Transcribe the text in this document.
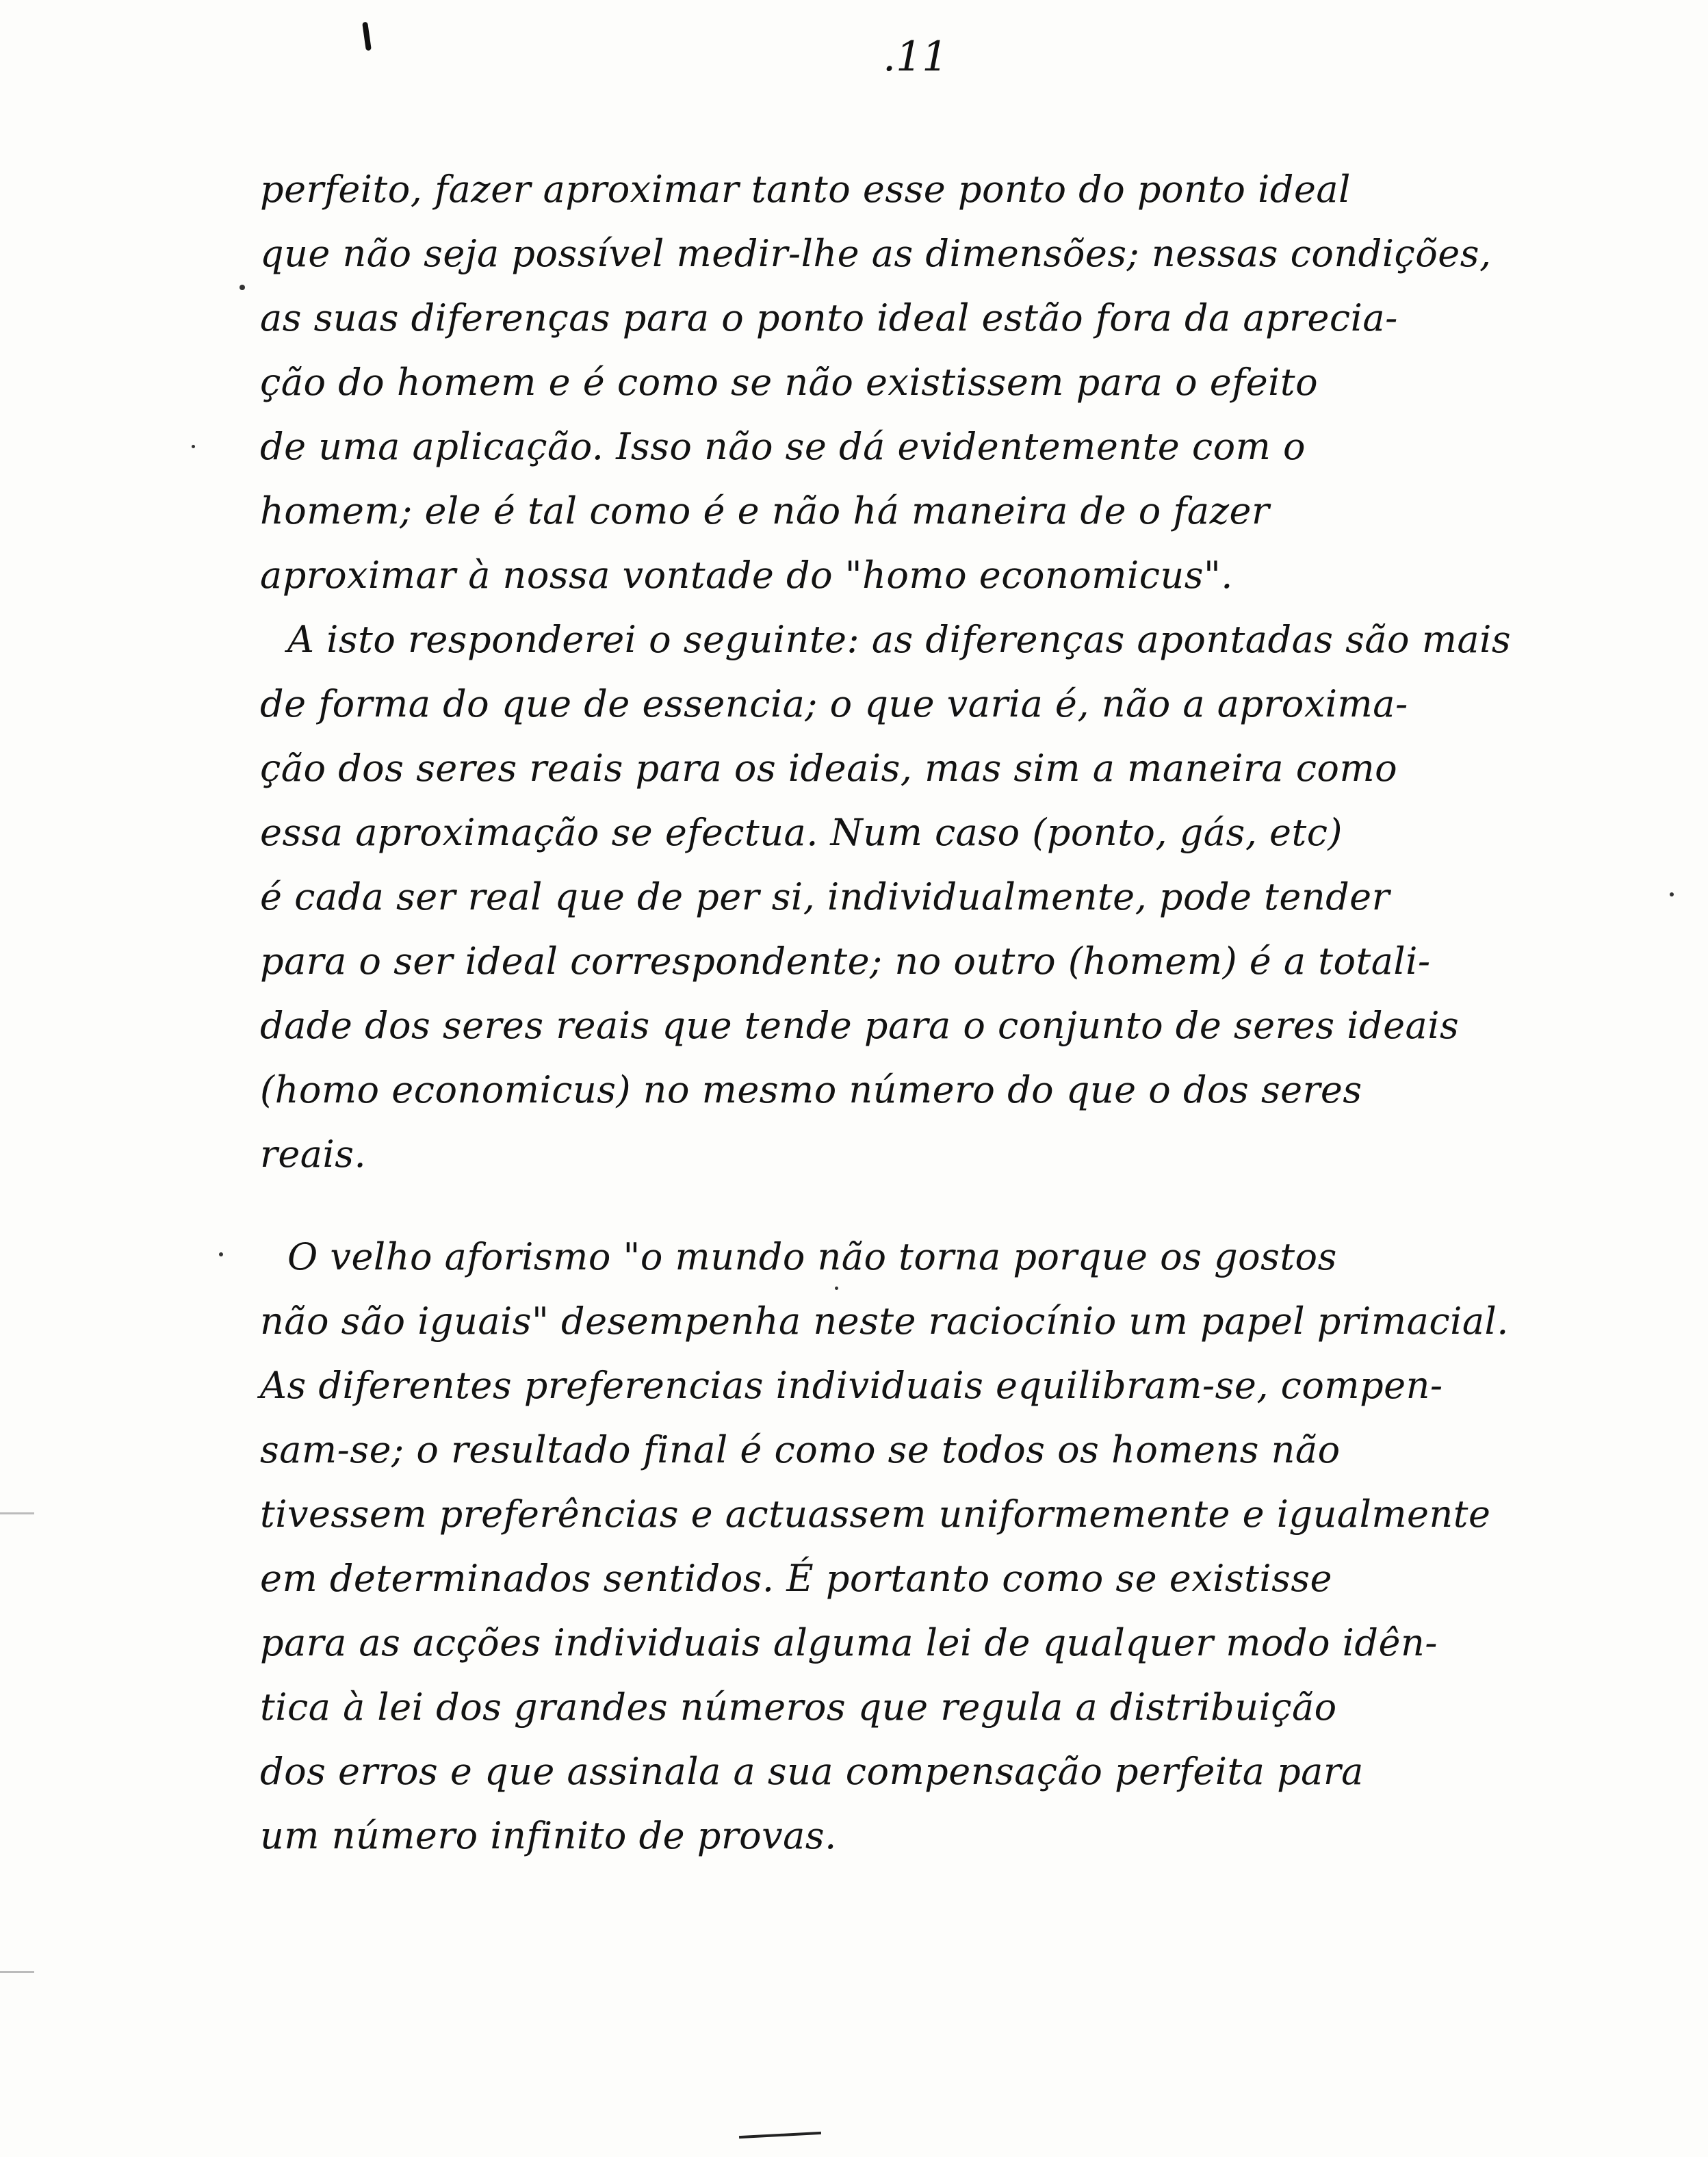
.11
perfeito, fazer aproximar tanto esse ponto do ponto ideal
que não seja possível medir-lhe as dimensões; nessas condições,
as suas diferenças para o ponto ideal estão fora da aprecia-
ção do homem e é como se não existissem para o efeito
de uma aplicação. Isso não se dá evidentemente com o
homem; ele é tal como é e não há maneira de o fazer
aproximar à nossa vontade do "homo economicus".
A isto responderei o seguinte: as diferenças apontadas são mais
de forma do que de essencia; o que varia é, não a aproxima-
ção dos seres reais para os ideais, mas sim a maneira como
essa aproximação se efectua. Num caso (ponto, gás, etc)
é cada ser real que de per si, individualmente, pode tender
para o ser ideal correspondente; no outro (homem) é a totali-
dade dos seres reais que tende para o conjunto de seres ideais
(homo economicus) no mesmo número do que o dos seres
reais.
O velho aforismo "o mundo não torna porque os gostos
não são iguais" desempenha neste raciocínio um papel primacial.
As diferentes preferencias individuais equilibram-se, compen-
sam-se; o resultado final é como se todos os homens não
tivessem preferências e actuassem uniformemente e igualmente
em determinados sentidos. É portanto como se existisse
para as acções individuais alguma lei de qualquer modo idên-
tica à lei dos grandes números que regula a distribuição
dos erros e que assinala a sua compensação perfeita para
um número infinito de provas.
